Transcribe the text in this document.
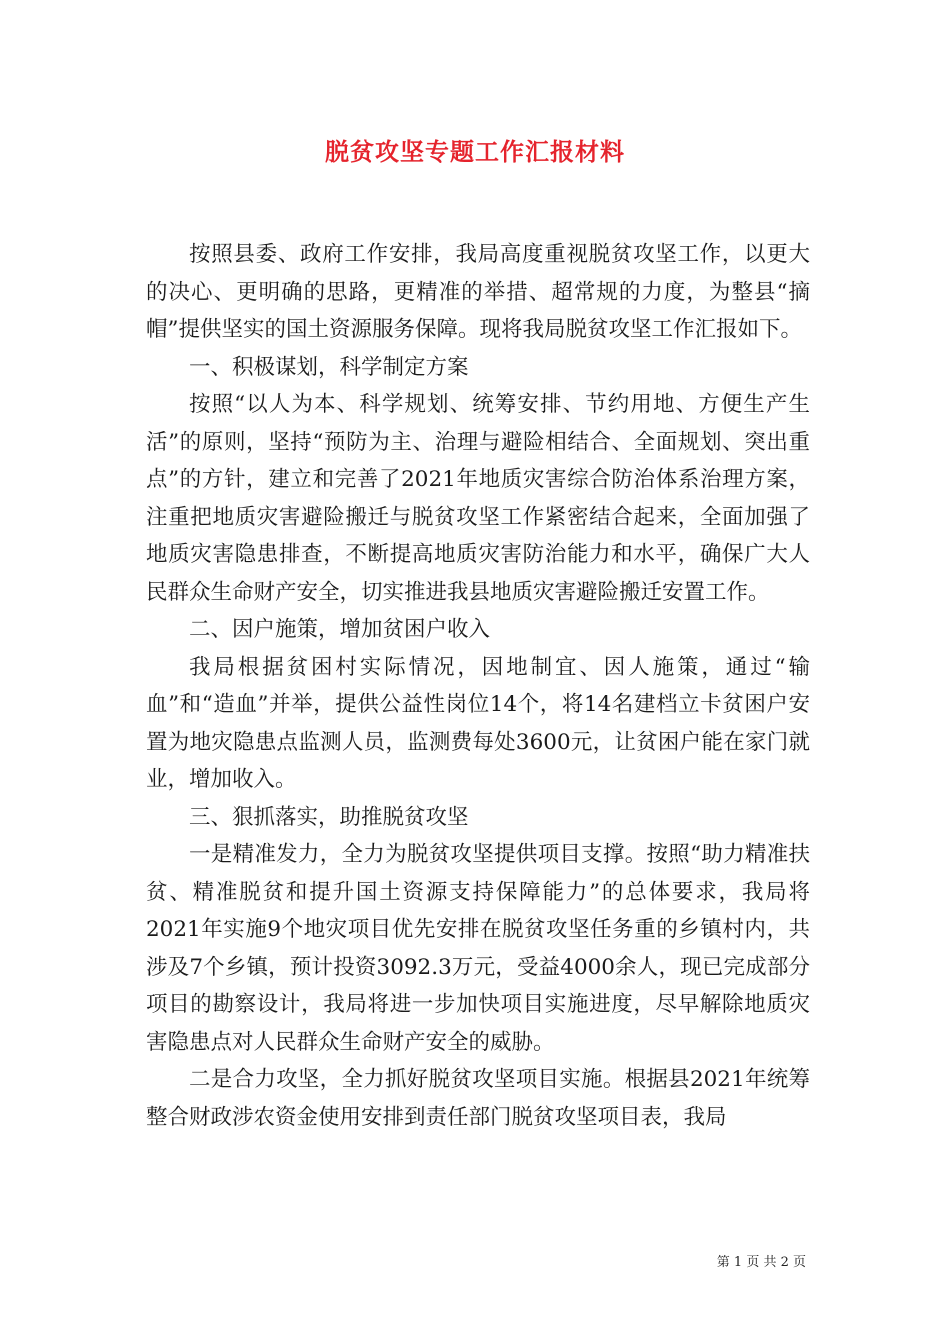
脱贫攻坚专题工作汇报材料

按照县委、政府工作安排，我局高度重视脱贫攻坚工作，以更大的决心、更明确的思路，更精准的举措、超常规的力度，为整县“摘帽”提供坚实的国土资源服务保障。现将我局脱贫攻坚工作汇报如下。

一、积极谋划，科学制定方案

按照“以人为本、科学规划、统筹安排、节约用地、方便生产生活”的原则，坚持“预防为主、治理与避险相结合、全面规划、突出重点”的方针，建立和完善了2021年地质灾害综合防治体系治理方案，注重把地质灾害避险搬迁与脱贫攻坚工作紧密结合起来，全面加强了地质灾害隐患排查，不断提高地质灾害防治能力和水平，确保广大人民群众生命财产安全，切实推进我县地质灾害避险搬迁安置工作。

二、因户施策，增加贫困户收入

我局根据贫困村实际情况，因地制宜、因人施策，通过“输血”和“造血”并举，提供公益性岗位14个，将14名建档立卡贫困户安置为地灾隐患点监测人员，监测费每处3600元，让贫困户能在家门就业，增加收入。

三、狠抓落实，助推脱贫攻坚

一是精准发力，全力为脱贫攻坚提供项目支撑。按照“助力精准扶贫、精准脱贫和提升国土资源支持保障能力”的总体要求，我局将2021年实施9个地灾项目优先安排在脱贫攻坚任务重的乡镇村内，共涉及7个乡镇，预计投资3092.3万元，受益4000余人，现已完成部分项目的勘察设计，我局将进一步加快项目实施进度，尽早解除地质灾害隐患点对人民群众生命财产安全的威胁。

二是合力攻坚，全力抓好脱贫攻坚项目实施。根据县2021年统筹整合财政涉农资金使用安排到责任部门脱贫攻坚项目表，我局

第 1 页 共 2 页
